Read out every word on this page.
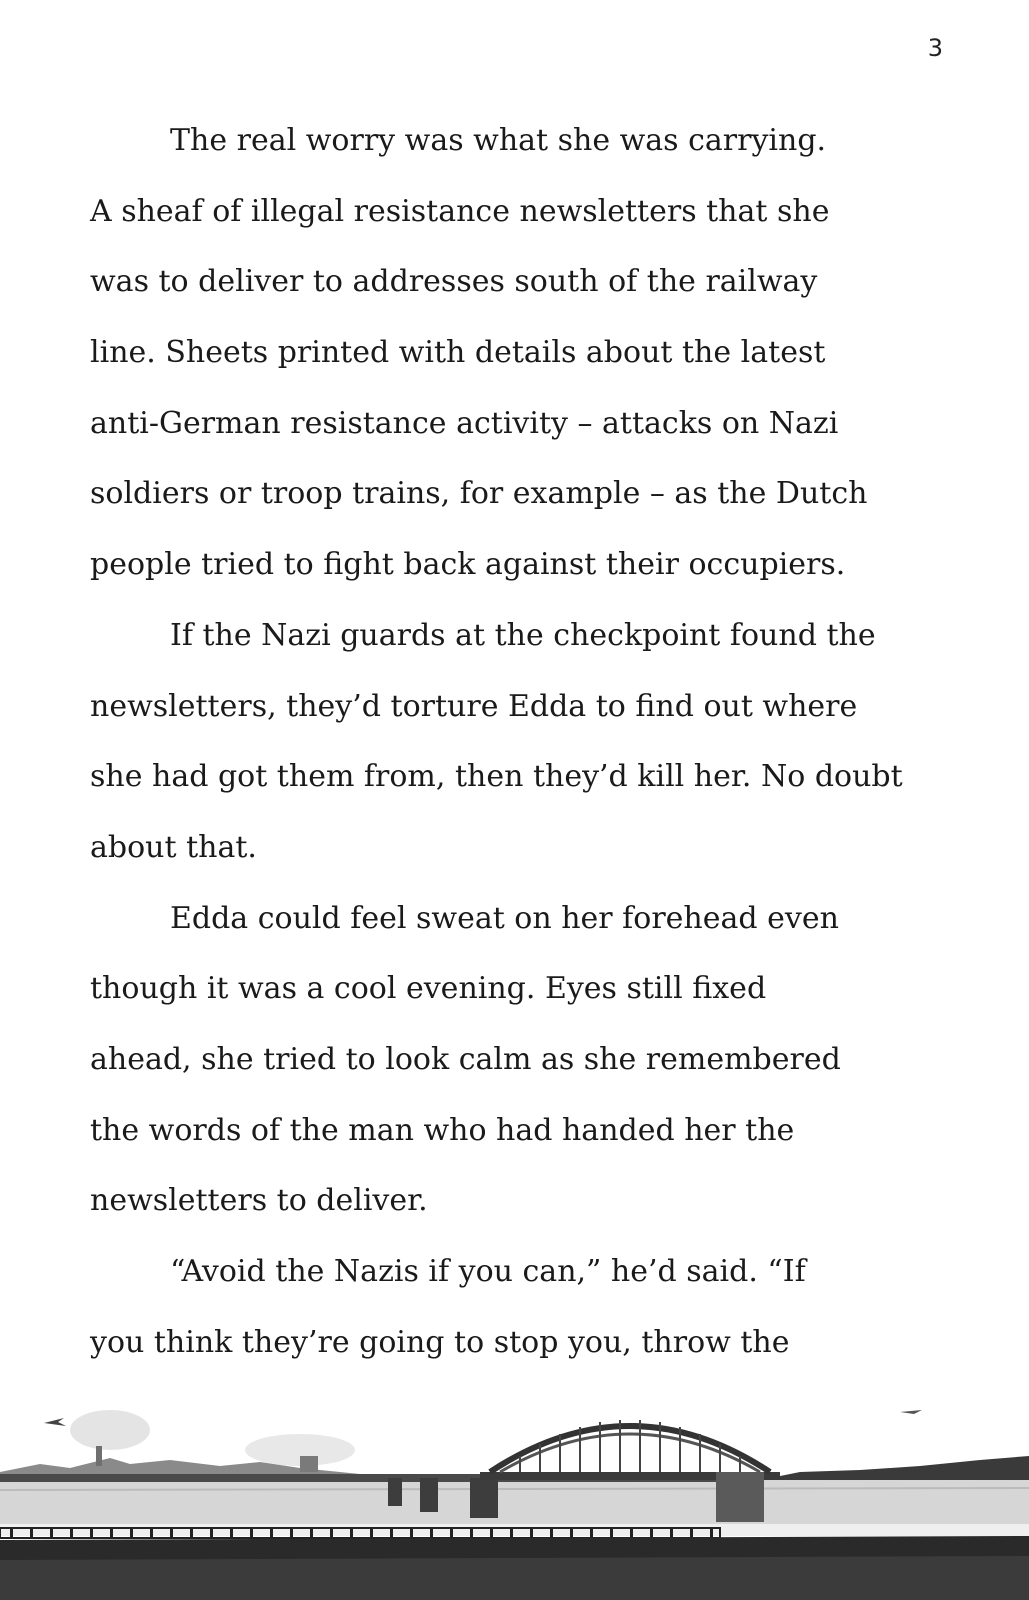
3
The real worry was what she was carrying.
A sheaf of illegal resistance newsletters that she
was to deliver to addresses south of the railway
line. Sheets printed with details about the latest
anti-German resistance activity – attacks on Nazi
soldiers or troop trains, for example – as the Dutch
people tried to fight back against their occupiers.
If the Nazi guards at the checkpoint found the
newsletters, they’d torture Edda to find out where
she had got them from, then they’d kill her. No doubt
about that.
Edda could feel sweat on her forehead even
though it was a cool evening. Eyes still fixed
ahead, she tried to look calm as she remembered
the words of the man who had handed her the
newsletters to deliver.
“Avoid the Nazis if you can,” he’d said. “If
you think they’re going to stop you, throw the
